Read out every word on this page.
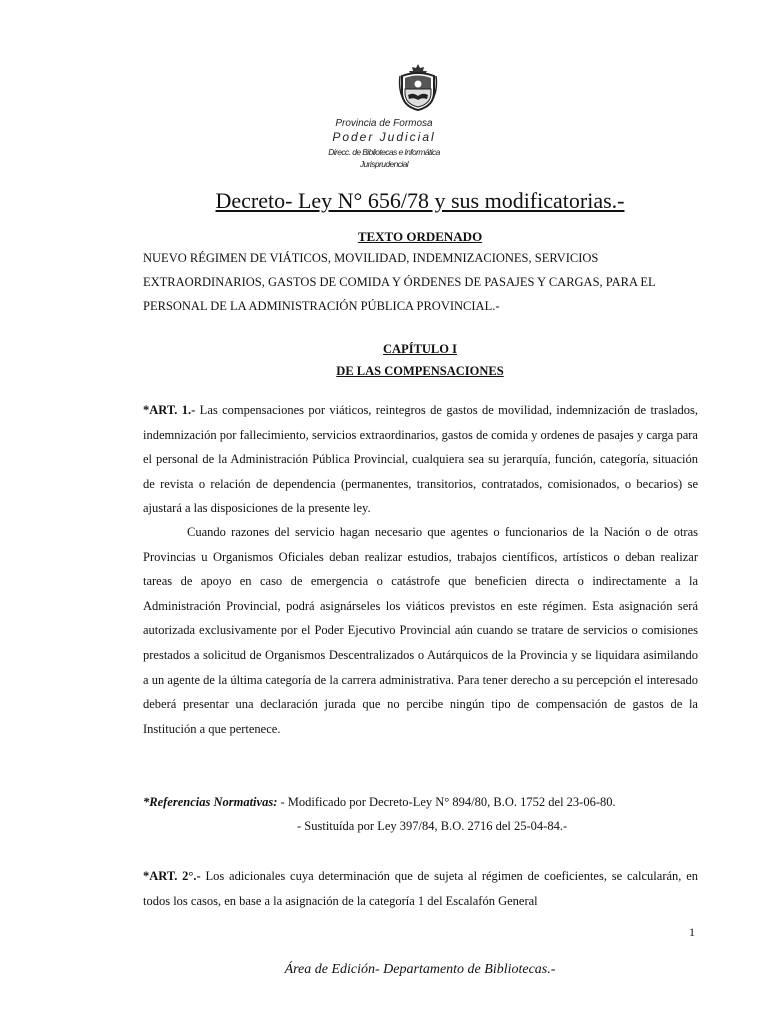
Provincia de Formosa
Poder Judicial
Direcc. de Bibliotecas e Informática
Jurisprudencial
Decreto- Ley N° 656/78 y sus modificatorias.-
TEXTO ORDENADO

NUEVO RÉGIMEN DE VIÁTICOS, MOVILIDAD, INDEMNIZACIONES, SERVICIOS EXTRAORDINARIOS, GASTOS DE COMIDA Y ÓRDENES DE PASAJES Y CARGAS, PARA EL PERSONAL DE LA ADMINISTRACIÓN PÚBLICA PROVINCIAL.-

CAPÍTULO I
DE LAS COMPENSACIONES

*ART. 1.- Las compensaciones por viáticos, reintegros de gastos de movilidad, indemnización de traslados, indemnización por fallecimiento, servicios extraordinarios, gastos de comida y ordenes de pasajes y carga para el personal de la Administración Pública Provincial, cualquiera sea su jerarquía, función, categoría, situación de revista o relación de dependencia (permanentes, transitorios, contratados, comisionados, o becarios) se ajustará a las disposiciones de la presente ley.

Cuando razones del servicio hagan necesario que agentes o funcionarios de la Nación o de otras Provincias u Organismos Oficiales deban realizar estudios, trabajos científicos, artísticos o deban realizar tareas de apoyo en caso de emergencia o catástrofe que beneficien directa o indirectamente a la Administración Provincial, podrá asignárseles los viáticos previstos en este régimen. Esta asignación será autorizada exclusivamente por el Poder Ejecutivo Provincial aún cuando se tratare de servicios o comisiones prestados a solicitud de Organismos Descentralizados o Autárquicos de la Provincia y se liquidara asimilando a un agente de la última categoría de la carrera administrativa. Para tener derecho a su percepción el interesado deberá presentar una declaración jurada que no percibe ningún tipo de compensación de gastos de la Institución a que pertenece.

*Referencias Normativas: - Modificado por Decreto-Ley N° 894/80, B.O. 1752 del 23-06-80.
- Sustituída por Ley 397/84, B.O. 2716 del 25-04-84.-

*ART. 2°.- Los adicionales cuya determinación que de sujeta al régimen de coeficientes, se calcularán, en todos los casos, en base a la asignación de la categoría 1 del Escalafón General

1
Área de Edición- Departamento de Bibliotecas.-
